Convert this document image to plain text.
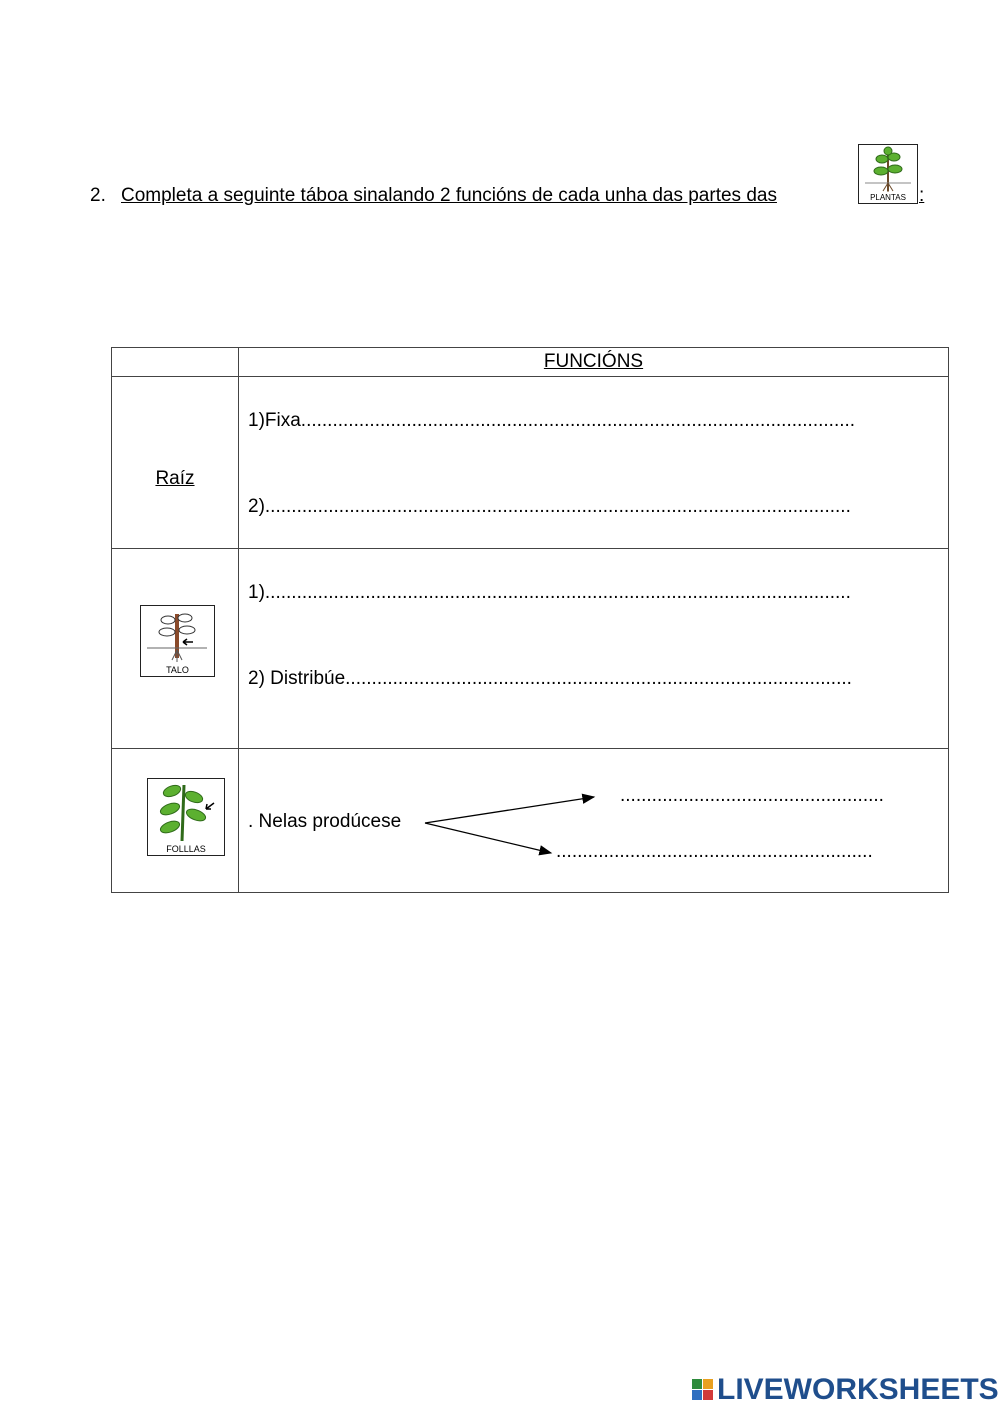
2. Completa a seguinte táboa sinalando 2 funcións de cada unha das partes das	PLANTAS :
	FUNCIÓNS

Raíz	1)Fixa.........................................................................................................
2)...............................................................................................................

TALO	1)...............................................................................................................
2) Distribúe................................................................................................

FOLLLAS	. Nelas prodúcese
..................................................
............................................................
LIVEWORKSHEETS
